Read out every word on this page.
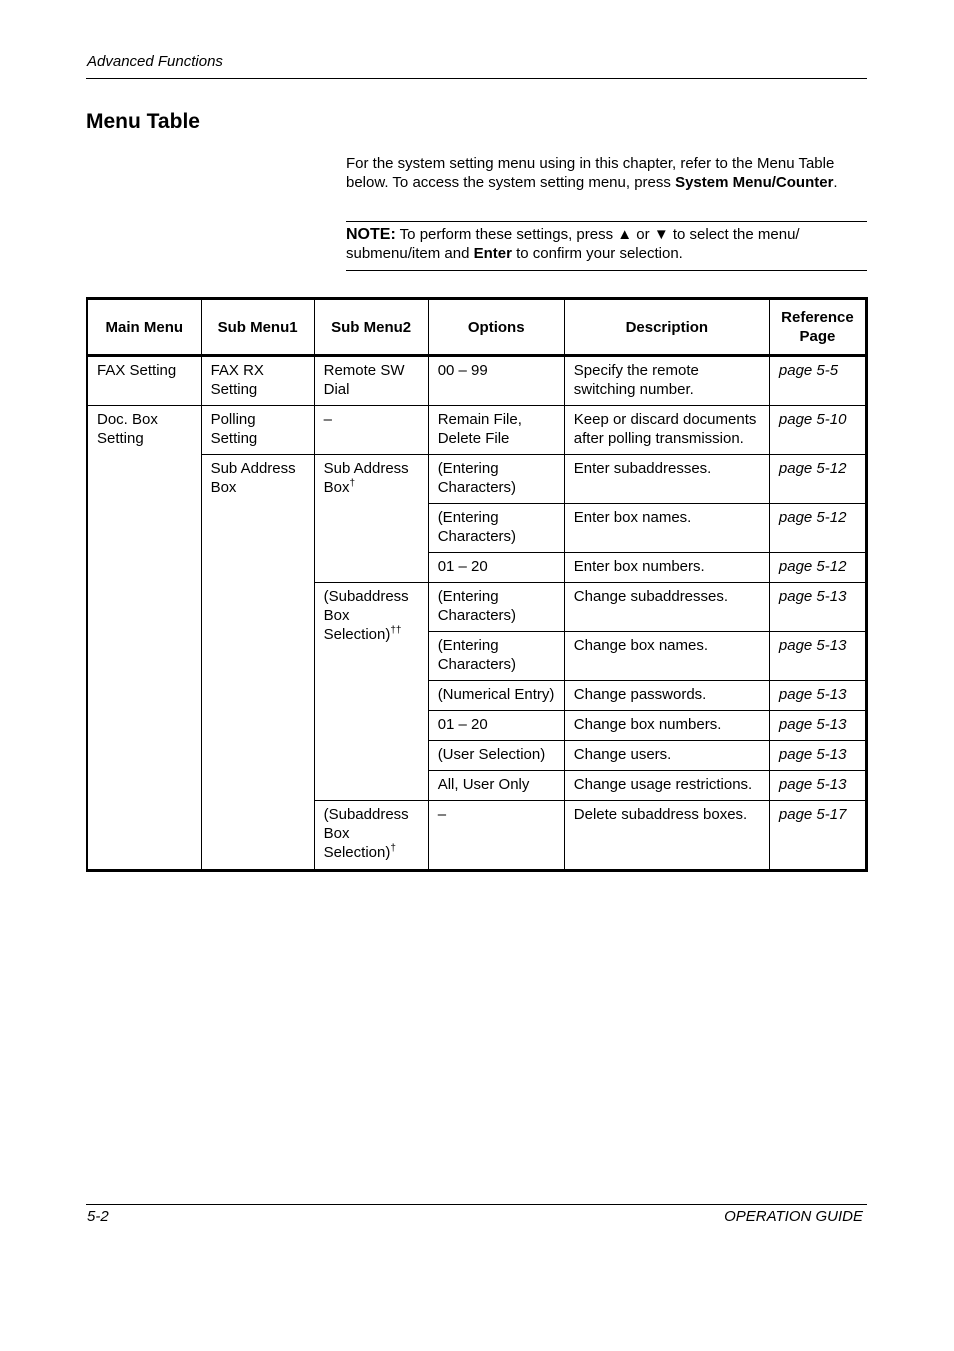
Advanced Functions
Menu Table
For the system setting menu using in this chapter, refer to the Menu Table below. To access the system setting menu, press System Menu/Counter.
NOTE: To perform these settings, press ▲ or ▼ to select the menu/ submenu/item and Enter to confirm your selection.
Main Menu	Sub Menu1	Sub Menu2	Options	Description	Reference Page
FAX Setting	FAX RX Setting	Remote SW Dial	00 – 99	Specify the remote switching number.	page 5-5
Doc. Box Setting	Polling Setting	–	Remain File, Delete File	Keep or discard documents after polling transmission.	page 5-10
	Sub Address Box	Sub Address Box†	(Entering Characters)	Enter subaddresses.	page 5-12
			(Entering Characters)	Enter box names.	page 5-12
			01 – 20	Enter box numbers.	page 5-12
		(Subaddress Box Selection)††	(Entering Characters)	Change subaddresses.	page 5-13
			(Entering Characters)	Change box names.	page 5-13
			(Numerical Entry)	Change passwords.	page 5-13
			01 – 20	Change box numbers.	page 5-13
			(User Selection)	Change users.	page 5-13
			All, User Only	Change usage restrictions.	page 5-13
		(Subaddress Box Selection)†	–	Delete subaddress boxes.	page 5-17
5-2	OPERATION GUIDE
